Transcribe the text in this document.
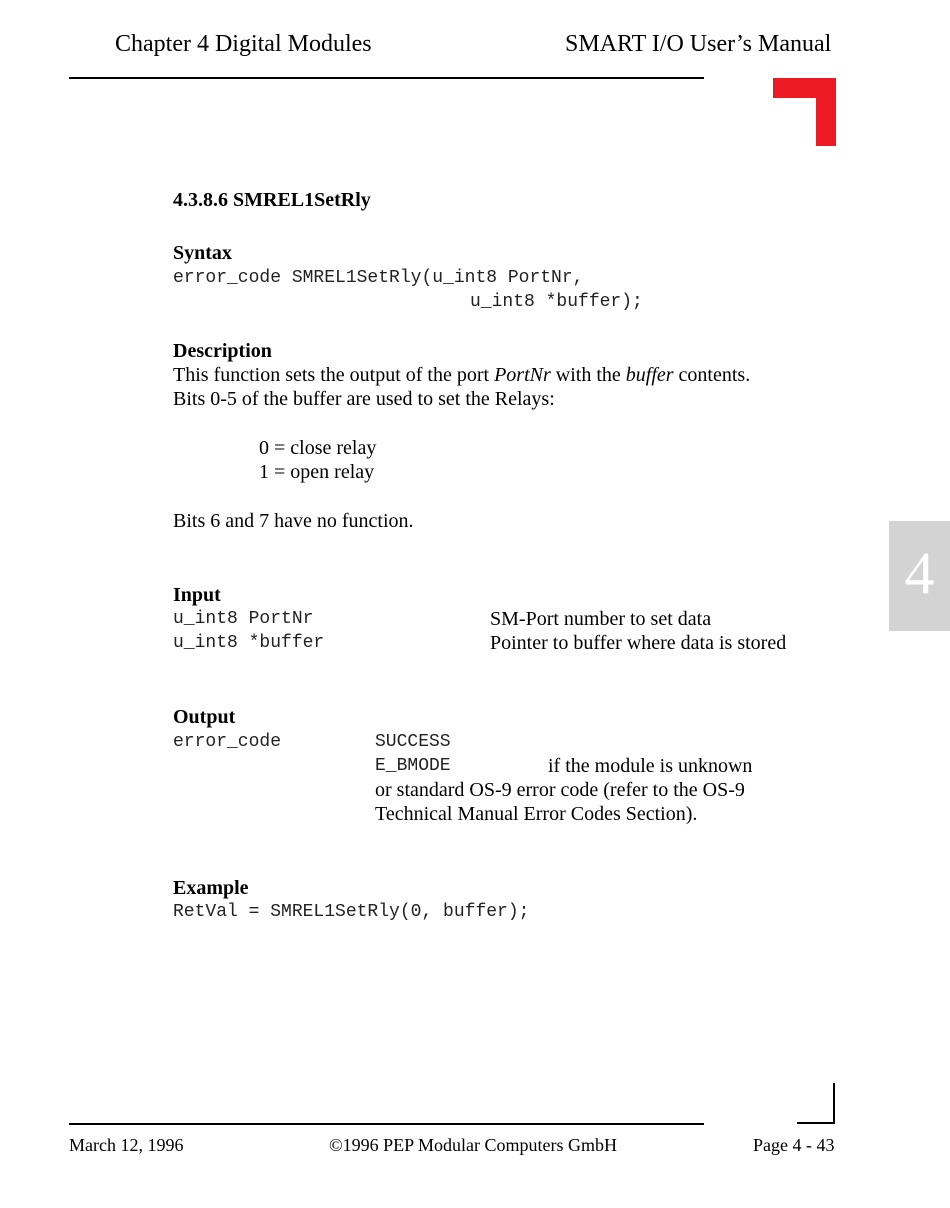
Chapter 4 Digital Modules	SMART I/O User’s Manual
4.3.8.6 SMREL1SetRly
Syntax
error_code SMREL1SetRly(u_int8 PortNr,
u_int8 *buffer);
Description
This function sets the output of the port PortNr with the buffer contents.
Bits 0-5 of the buffer are used to set the Relays:
0 = close relay
1 = open relay
Bits 6 and 7 have no function.
Input
u_int8 PortNr	SM-Port number to set data
u_int8 *buffer	Pointer to buffer where data is stored
Output
error_code	SUCCESS
E_BMODE	if the module is unknown
or standard OS-9 error code (refer to the OS-9
Technical Manual Error Codes Section).
Example
RetVal = SMREL1SetRly(0, buffer);
4
March 12, 1996	©1996 PEP Modular Computers GmbH	Page 4 - 43
